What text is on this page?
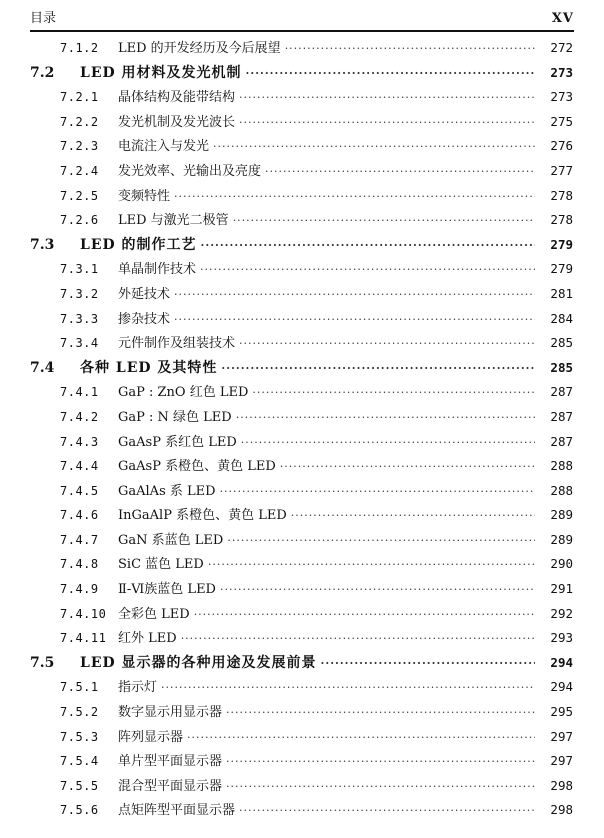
目录	XV
7.1.2	LED 的开发经历及今后展望 ·····	272
7.2	LED 用材料及发光机制 ·····	273
7.2.1	晶体结构及能带结构 ·····	273
7.2.2	发光机制及发光波长 ·····	275
7.2.3	电流注入与发光 ·····	276
7.2.4	发光效率、光输出及亮度 ·····	277
7.2.5	变频特性 ·····	278
7.2.6	LED 与激光二极管 ·····	278
7.3	LED 的制作工艺 ·····	279
7.3.1	单晶制作技术 ·····	279
7.3.2	外延技术 ·····	281
7.3.3	掺杂技术 ·····	284
7.3.4	元件制作及组装技术 ·····	285
7.4	各种 LED 及其特性 ·····	285
7.4.1	GaP : ZnO 红色 LED ·····	287
7.4.2	GaP : N 绿色 LED ·····	287
7.4.3	GaAsP 系红色 LED ·····	287
7.4.4	GaAsP 系橙色、黄色 LED ·····	288
7.4.5	GaAlAs 系 LED ·····	288
7.4.6	InGaAlP 系橙色、黄色 LED ·····	289
7.4.7	GaN 系蓝色 LED ·····	289
7.4.8	SiC 蓝色 LED ·····	290
7.4.9	Ⅱ-Ⅵ族蓝色 LED ·····	291
7.4.10 全彩色 LED ·····	292
7.4.11 红外 LED ·····	293
7.5	LED 显示器的各种用途及发展前景 ·····	294
7.5.1	指示灯 ·····	294
7.5.2	数字显示用显示器 ·····	295
7.5.3	阵列显示器 ·····	297
7.5.4	单片型平面显示器 ·····	297
7.5.5	混合型平面显示器 ·····	298
7.5.6	点矩阵型平面显示器 ·····	298
